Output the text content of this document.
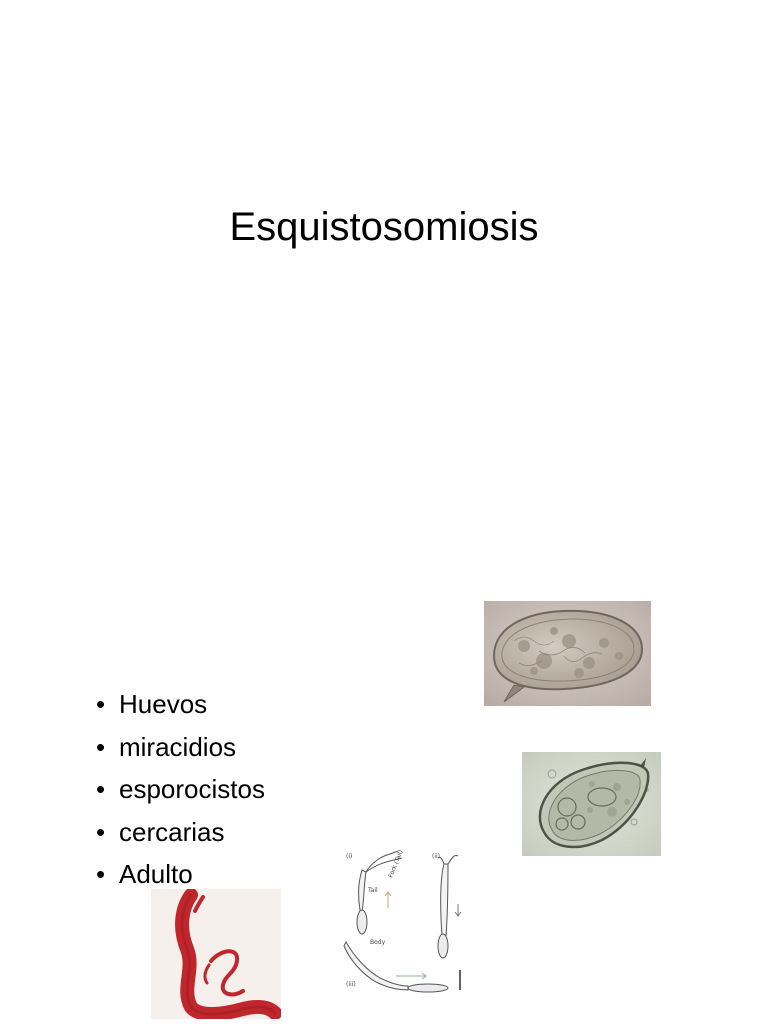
Esquistosomiosis
• Huevos
• miracidios
• esporocistos
• cercarias
• Adulto
(i)	(ii)
(iii)
Tail
Body
Fork (Tail)
